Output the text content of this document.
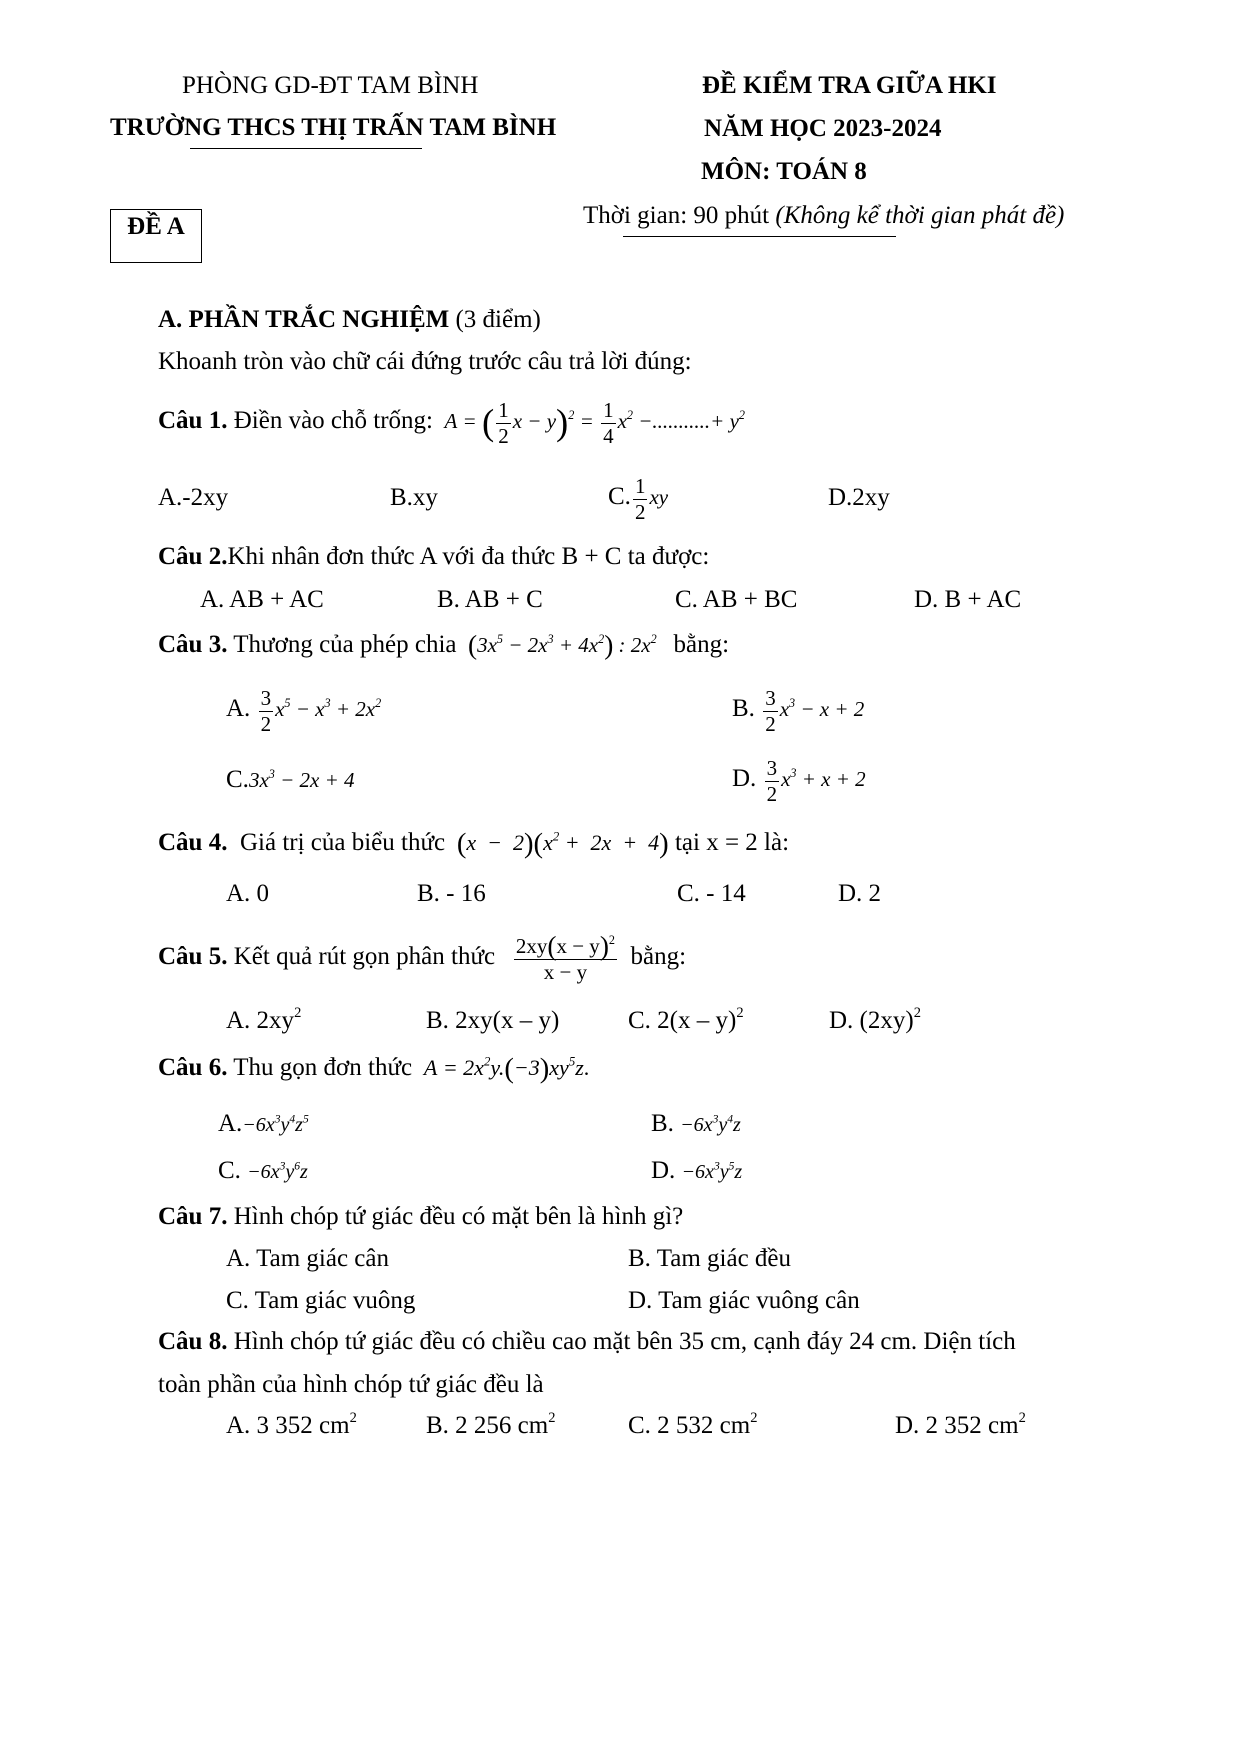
PHÒNG GD-ĐT TAM BÌNH
TRƯỜNG THCS THỊ TRẤN TAM BÌNH
ĐỀ KIỂM TRA GIỮA HKI
NĂM HỌC 2023-2024
MÔN: TOÁN 8
Thời gian: 90 phút (Không kể thời gian phát đề)
ĐỀ A
A. PHẦN TRẮC NGHIỆM (3 điểm)
Khoanh tròn vào chữ cái đứng trước câu trả lời đúng:
Câu 1. Điền vào chỗ trống:  A = ( $\frac{1}{2}$ $x - y)^2 = \frac{1}{4} x^2$ −...........+ $y^2$
A.-2xy	B.xy	C. $\frac{1}{2}$ xy	D.2xy
Câu 2.Khi nhân đơn thức A với đa thức B + C ta được:
A. AB + AC	B. AB + C	C. AB + BC	D. B + AC
Câu 3. Thương của phép chia $(3x^5 - 2x^3 + 4x^2)$ : $2x^2$ bằng:
A. $\frac{3}{2} x^5 - x^3 + 2x^2$	B. $\frac{3}{2} x^3 - x + 2$
$C.3x^3 - 2x + 4$	D. $\frac{3}{2} x^3 + x + 2$
Câu 4. Giá trị của biểu thức $(x - 2)(x^2 + 2x + 4)$ tại x = 2 là:
A. 0	B. - 16	C. - 14	D. 2
Câu 5. Kết quả rút gọn phân thức $\frac{2xy(x - y)^2}{x - y}$ bằng:
A. $2xy^2$	B. 2xy(x – y)	C. 2(x – y)$^2$	D. $(2xy)^2$
Câu 6. Thu gọn đơn thức  $A = 2x^2y.(-3)xy^5z$.
$A.-6x^3y^4z^5$	B. $-6x^3y^4z$
C. $-6x^3y^6z$	D. $-6x^3y^5z$
Câu 7. Hình chóp tứ giác đều có mặt bên là hình gì?
A. Tam giác cân	B. Tam giác đều
C. Tam giác vuông	D. Tam giác vuông cân
Câu 8. Hình chóp tứ giác đều có chiều cao mặt bên 35 cm, cạnh đáy 24 cm. Diện tích
toàn phần của hình chóp tứ giác đều là
A. 3 352 $cm^2$	B. 2 256 $cm^2$	C. 2 532 $cm^2$	D. 2 352 $cm^2$
